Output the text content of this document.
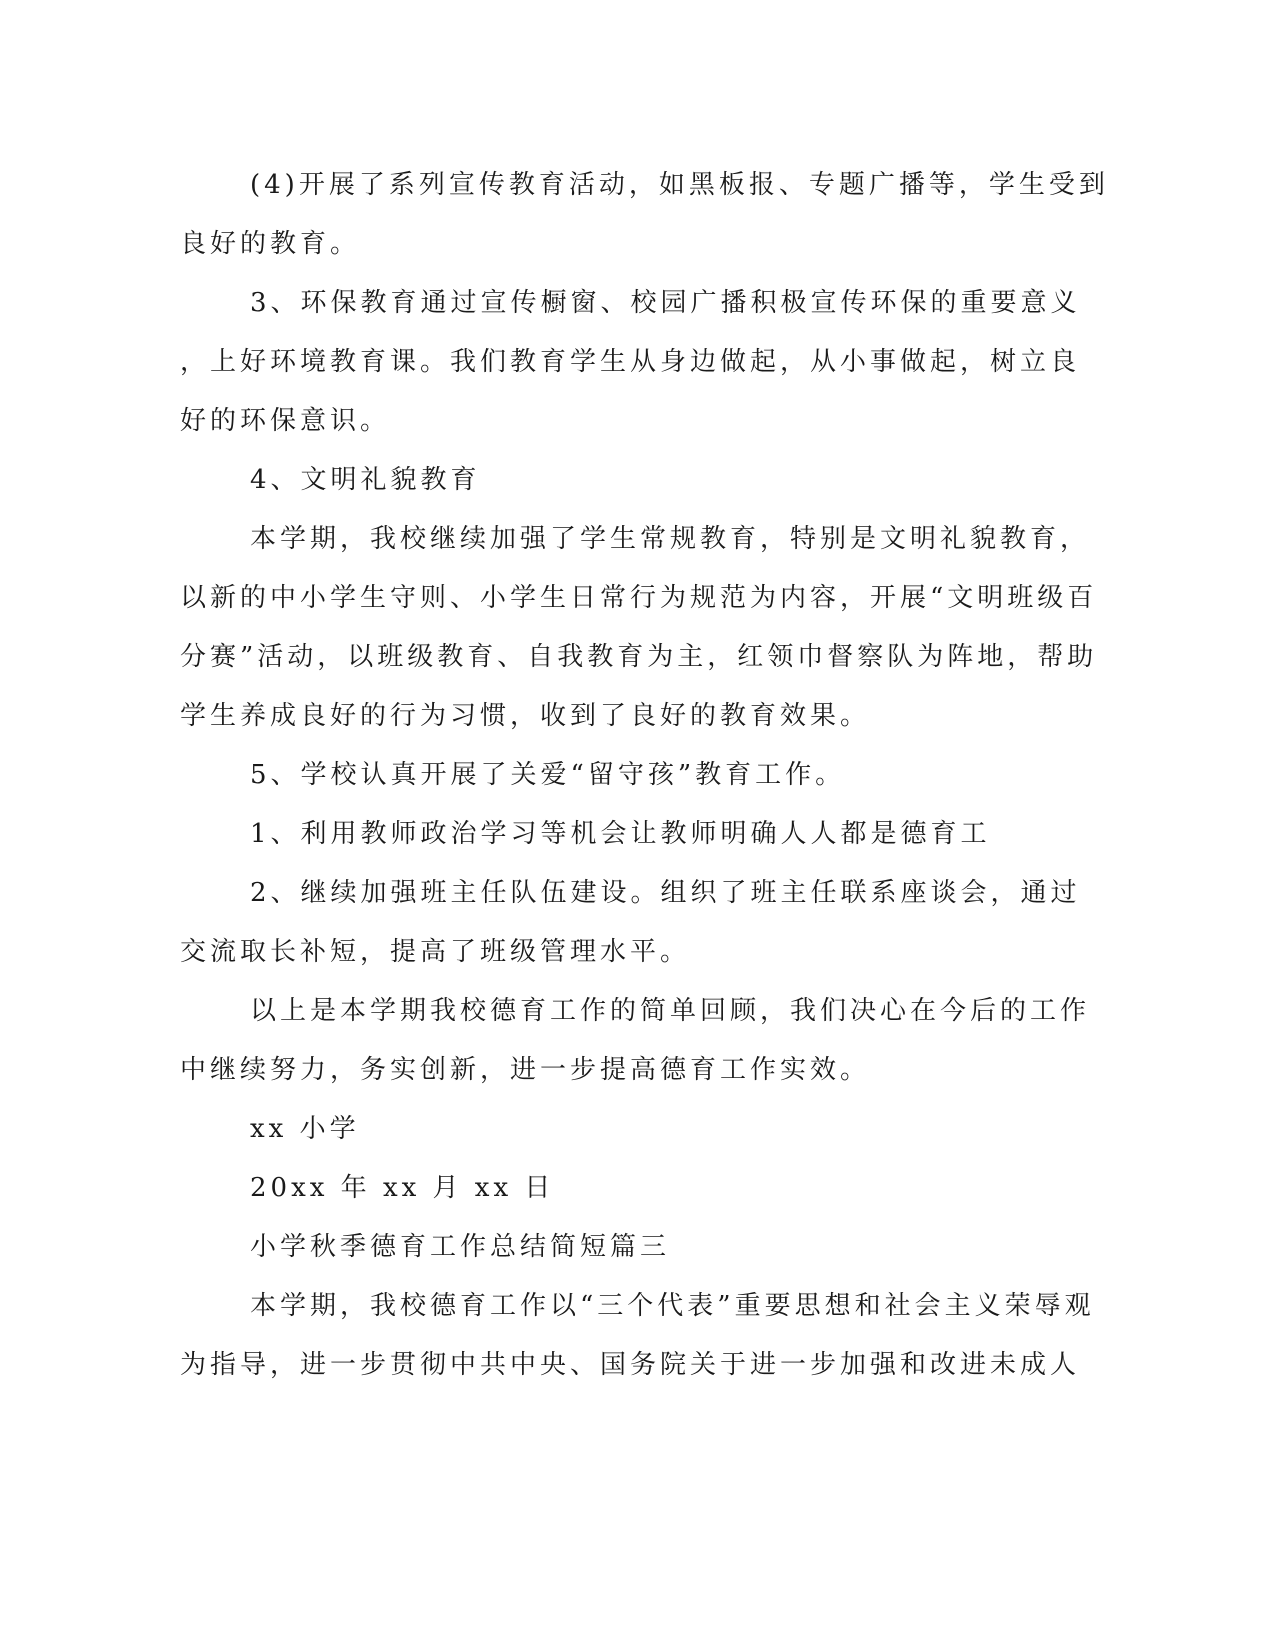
(4)开展了系列宣传教育活动，如黑板报、专题广播等，学生受到
良好的教育。
3、环保教育通过宣传橱窗、校园广播积极宣传环保的重要意义
，上好环境教育课。我们教育学生从身边做起，从小事做起，树立良
好的环保意识。
4、文明礼貌教育
本学期，我校继续加强了学生常规教育，特别是文明礼貌教育，
以新的中小学生守则、小学生日常行为规范为内容，开展“文明班级百
分赛”活动，以班级教育、自我教育为主，红领巾督察队为阵地，帮助
学生养成良好的行为习惯，收到了良好的教育效果。
5、学校认真开展了关爱“留守孩”教育工作。
1、利用教师政治学习等机会让教师明确人人都是德育工
2、继续加强班主任队伍建设。组织了班主任联系座谈会，通过
交流取长补短，提高了班级管理水平。
以上是本学期我校德育工作的简单回顾，我们决心在今后的工作
中继续努力，务实创新，进一步提高德育工作实效。
xx 小学
20xx 年 xx 月 xx 日
小学秋季德育工作总结简短篇三
本学期，我校德育工作以“三个代表”重要思想和社会主义荣辱观
为指导，进一步贯彻中共中央、国务院关于进一步加强和改进未成人
